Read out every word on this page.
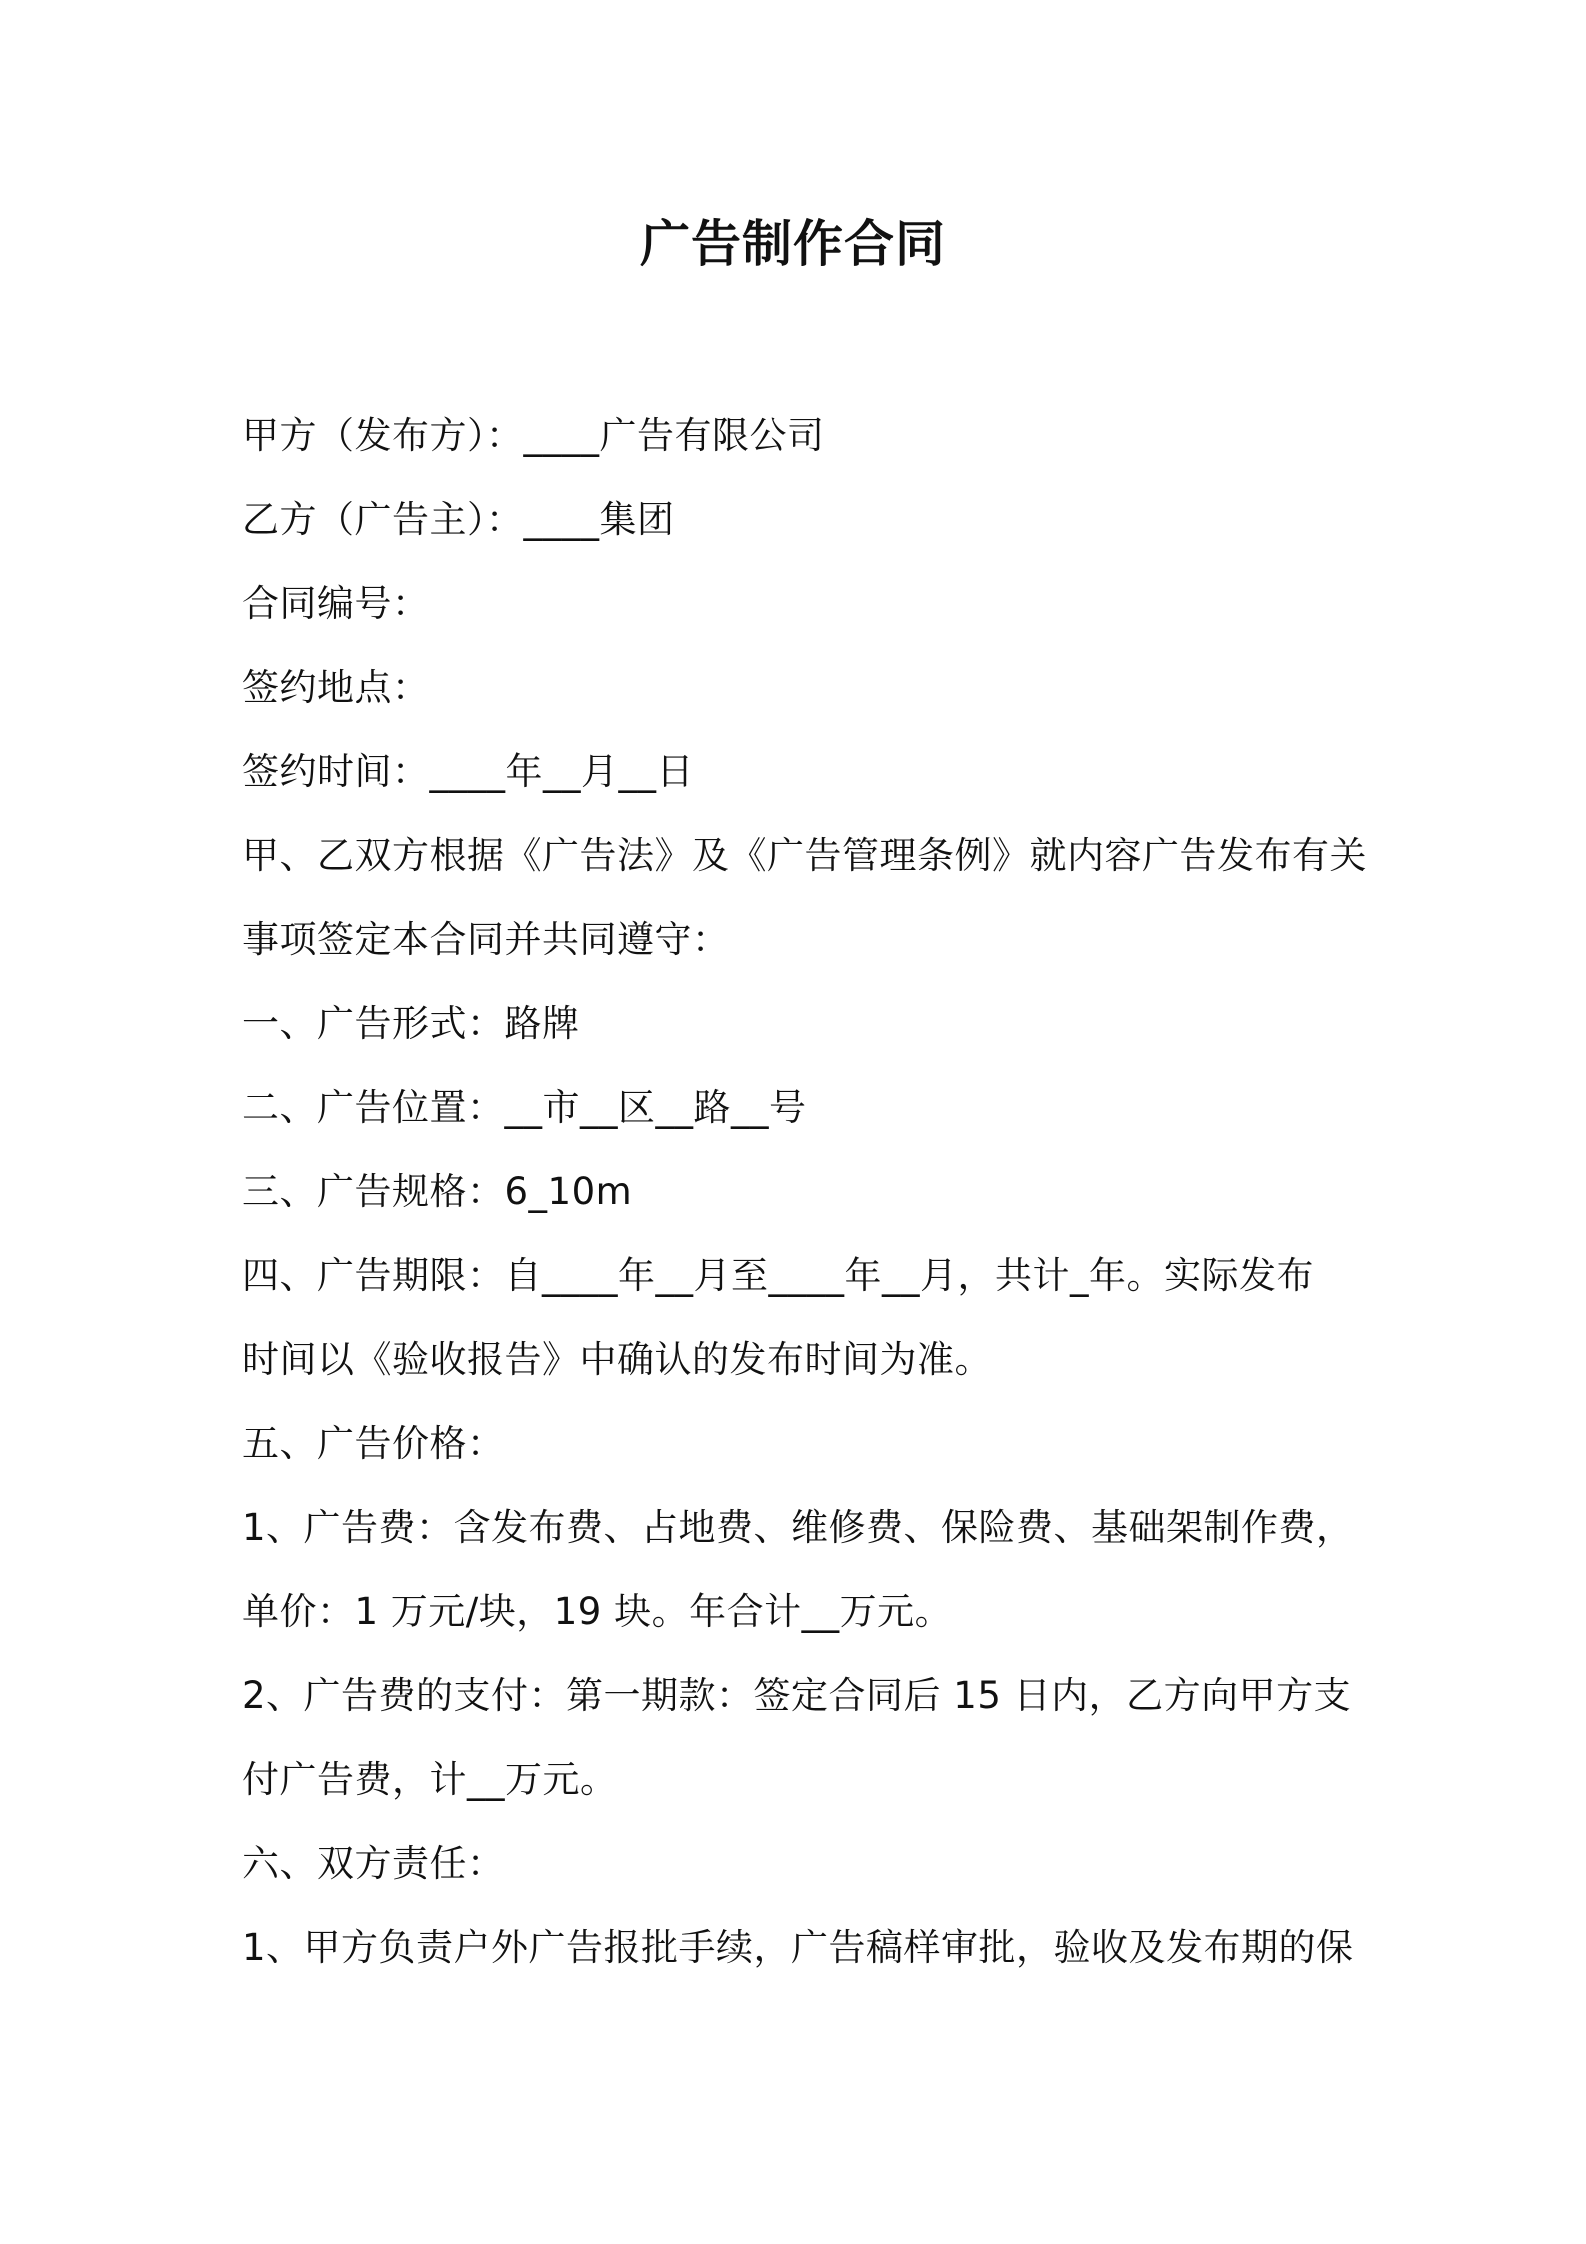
广告制作合同
甲方（发布方）：____广告有限公司
乙方（广告主）：____集团
合同编号：
签约地点：
签约时间：____年__月__日
甲、乙双方根据《广告法》及《广告管理条例》就内容广告发布有关
事项签定本合同并共同遵守：
一、广告形式：路牌
二、广告位置：__市__区__路__号
三、广告规格：6_10m
四、广告期限：自____年__月至____年__月，共计_年。实际发布
时间以《验收报告》中确认的发布时间为准。
五、广告价格：
1、广告费：含发布费、占地费、维修费、保险费、基础架制作费，
单价：1 万元/块，19 块。年合计__万元。
2、广告费的支付：第一期款：签定合同后 15 日内，乙方向甲方支
付广告费，计__万元。
六、双方责任：
1、甲方负责户外广告报批手续，广告稿样审批，验收及发布期的保
